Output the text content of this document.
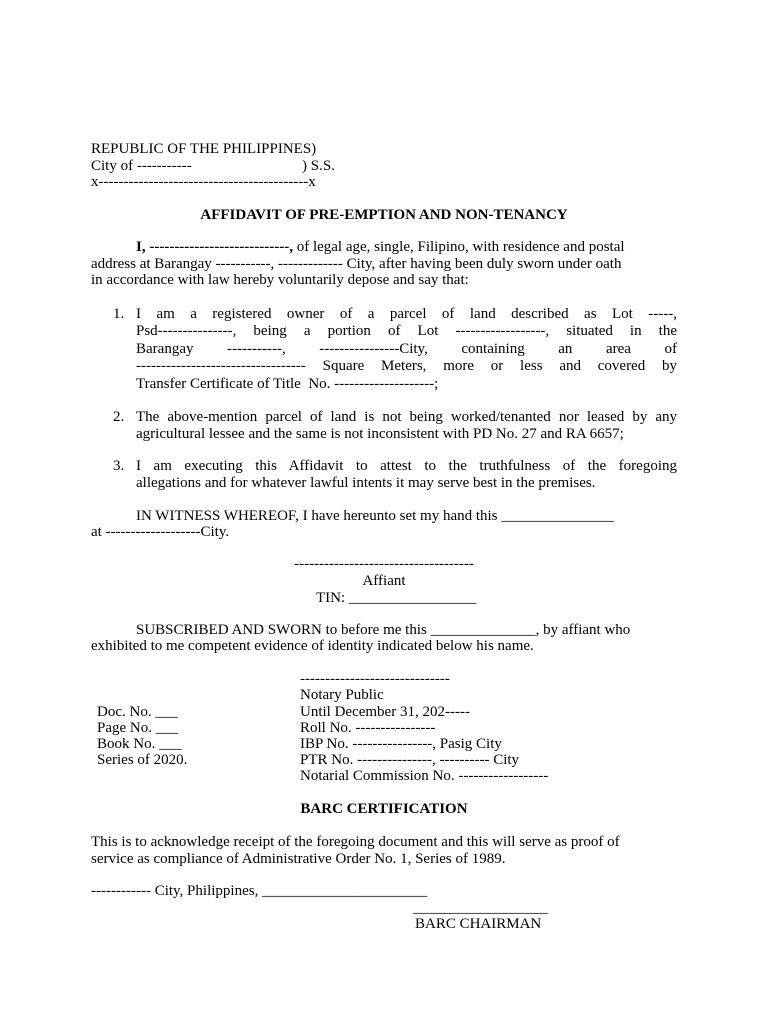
REPUBLIC OF THE PHILIPPINES)
City of -----------	) S.S.
x------------------------------------------x
AFFIDAVIT OF PRE-EMPTION AND NON-TENANCY
I, ----------------------------, of legal age, single, Filipino, with residence and postal
address at Barangay -----------, ------------- City, after having been duly sworn under oath
in accordance with law hereby voluntarily depose and say that:
1. I am a registered owner of a parcel of land described as Lot -----,
Psd---------------, being a portion of Lot ------------------, situated in the
Barangay -----------, ----------------City, containing an area of
---------------------------------- Square Meters, more or less and covered by
Transfer Certificate of Title  No. --------------------;
2. The above-mention parcel of land is not being worked/tenanted nor leased by any
agricultural lessee and the same is not inconsistent with PD No. 27 and RA 6657;
3. I am executing this Affidavit to attest to the truthfulness of the foregoing
allegations and for whatever lawful intents it may serve best in the premises.
IN WITNESS WHEREOF, I have hereunto set my hand this _______________
at -------------------City.
------------------------------------
Affiant
TIN: _________________
SUBSCRIBED AND SWORN to before me this ______________, by affiant who
exhibited to me competent evidence of identity indicated below his name.
------------------------------
Notary Public
Doc. No. ___
Page No. ___
Book No. ___
Series of 2020.
Until December 31, 202-----
Roll No. ----------------
IBP No. ----------------, Pasig City
PTR No. ---------------, ---------- City
Notarial Commission No. ------------------
BARC CERTIFICATION
This is to acknowledge receipt of the foregoing document and this will serve as proof of
service as compliance of Administrative Order No. 1, Series of 1989.
------------ City, Philippines, ______________________
__________________
BARC CHAIRMAN
